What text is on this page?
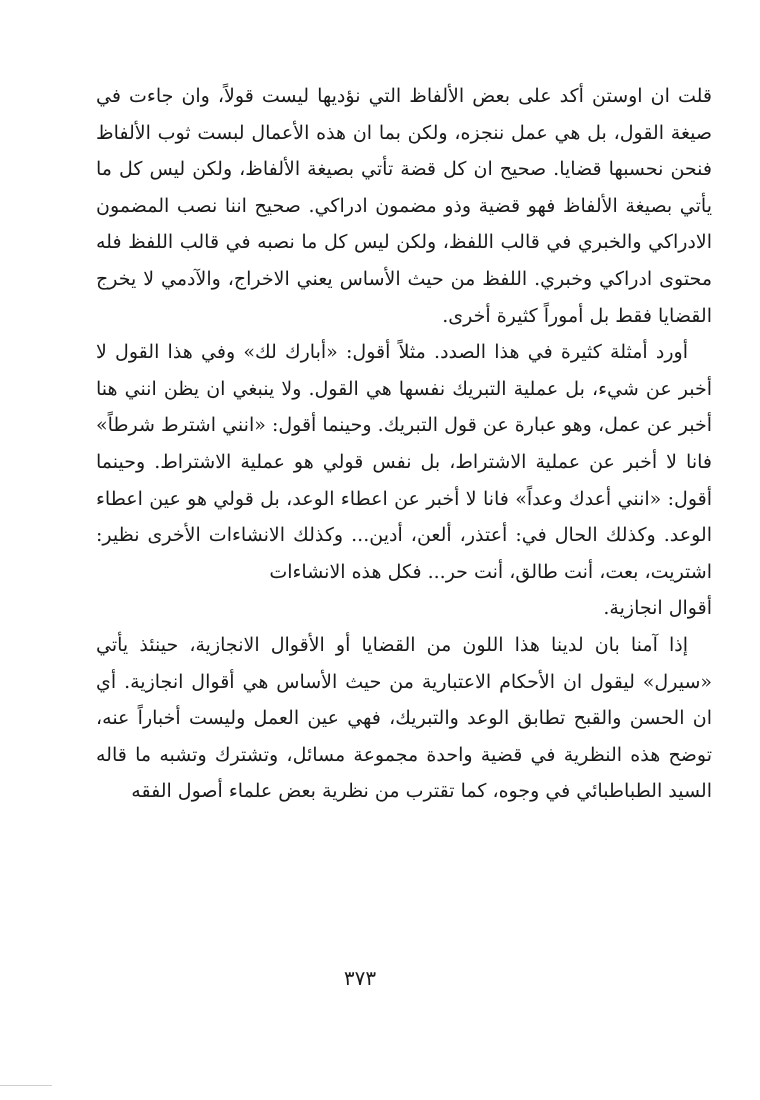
قلت ان اوستن أكد على بعض الألفاظ التي نؤديها ليست قولاً، وان جاءت في صيغة القول، بل هي عمل ننجزه، ولكن بما ان هذه الأعمال لبست ثوب الألفاظ فنحن نحسبها قضايا. صحيح ان كل قضة تأتي بصيغة الألفاظ، ولكن ليس كل ما يأتي بصيغة الألفاظ فهو قضية وذو مضمون ادراكي. صحيح اننا نصب المضمون الادراكي والخبري في قالب اللفظ، ولكن ليس كل ما نصبه في قالب اللفظ فله محتوى ادراكي وخبري. اللفظ من حيث الأساس يعني الاخراج، والآدمي لا يخرج القضايا فقط بل أموراً كثيرة أخرى.

أورد أمثلة كثيرة في هذا الصدد. مثلاً أقول: «أبارك لك» وفي هذا القول لا أخبر عن شيء، بل عملية التبريك نفسها هي القول. ولا ينبغي ان يظن انني هنا أخبر عن عمل، وهو عبارة عن قول التبريك. وحينما أقول: «انني اشترط شرطاً» فانا لا أخبر عن عملية الاشتراط، بل نفس قولي هو عملية الاشتراط. وحينما أقول: «انني أعدك وعداً» فانا لا أخبر عن اعطاء الوعد، بل قولي هو عين اعطاء الوعد. وكذلك الحال في: أعتذر، ألعن، أدين... وكذلك الانشاءات الأخرى نظير: اشتريت، بعت، أنت طالق، أنت حر... فكل هذه الانشاءات

أقوال انجازية.

إذا آمنا بان لدينا هذا اللون من القضايا أو الأقوال الانجازية، حينئذ يأتي «سيرل» ليقول ان الأحكام الاعتبارية من حيث الأساس هي أقوال انجازية. أي ان الحسن والقبح تطابق الوعد والتبريك، فهي عين العمل وليست أخباراً عنه، توضح هذه النظرية في قضية واحدة مجموعة مسائل، وتشترك وتشبه ما قاله السيد الطباطبائي في وجوه، كما تقترب من نظرية بعض علماء أصول الفقه

٣٧٣
